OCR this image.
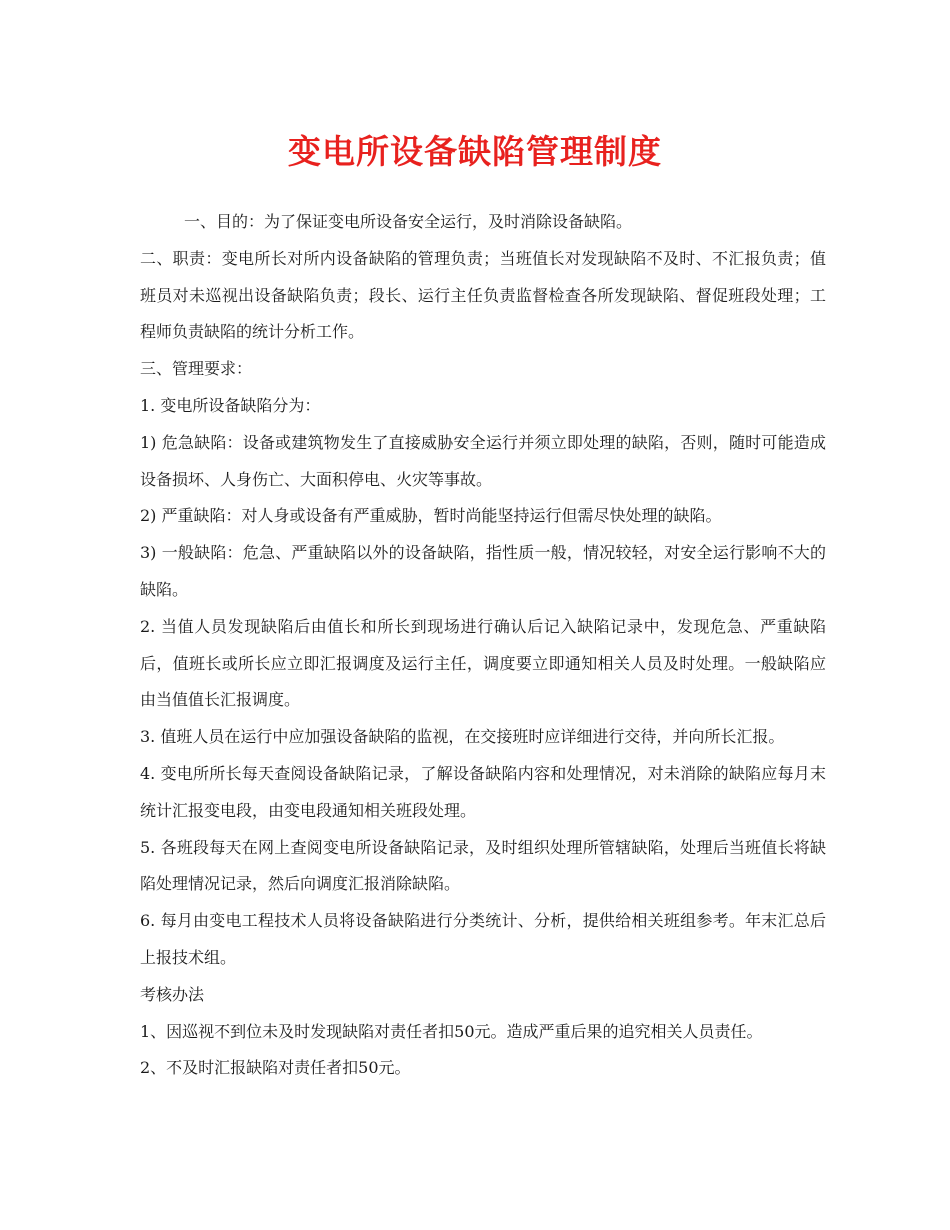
变电所设备缺陷管理制度

一、目的：为了保证变电所设备安全运行，及时消除设备缺陷。

二、职责：变电所长对所内设备缺陷的管理负责；当班值长对发现缺陷不及时、不汇报负责；值班员对未巡视出设备缺陷负责；段长、运行主任负责监督检查各所发现缺陷、督促班段处理；工程师负责缺陷的统计分析工作。

三、管理要求：

1. 变电所设备缺陷分为：

1) 危急缺陷：设备或建筑物发生了直接威胁安全运行并须立即处理的缺陷，否则，随时可能造成设备损坏、人身伤亡、大面积停电、火灾等事故。

2) 严重缺陷：对人身或设备有严重威胁，暂时尚能坚持运行但需尽快处理的缺陷。

3) 一般缺陷：危急、严重缺陷以外的设备缺陷，指性质一般，情况较轻，对安全运行影响不大的缺陷。

2. 当值人员发现缺陷后由值长和所长到现场进行确认后记入缺陷记录中，发现危急、严重缺陷后，值班长或所长应立即汇报调度及运行主任，调度要立即通知相关人员及时处理。一般缺陷应由当值值长汇报调度。

3. 值班人员在运行中应加强设备缺陷的监视，在交接班时应详细进行交待，并向所长汇报。

4. 变电所所长每天查阅设备缺陷记录，了解设备缺陷内容和处理情况，对未消除的缺陷应每月末统计汇报变电段，由变电段通知相关班段处理。

5. 各班段每天在网上查阅变电所设备缺陷记录，及时组织处理所管辖缺陷，处理后当班值长将缺陷处理情况记录，然后向调度汇报消除缺陷。

6. 每月由变电工程技术人员将设备缺陷进行分类统计、分析，提供给相关班组参考。年末汇总后上报技术组。

考核办法

1、因巡视不到位未及时发现缺陷对责任者扣50元。造成严重后果的追究相关人员责任。

2、不及时汇报缺陷对责任者扣50元。
